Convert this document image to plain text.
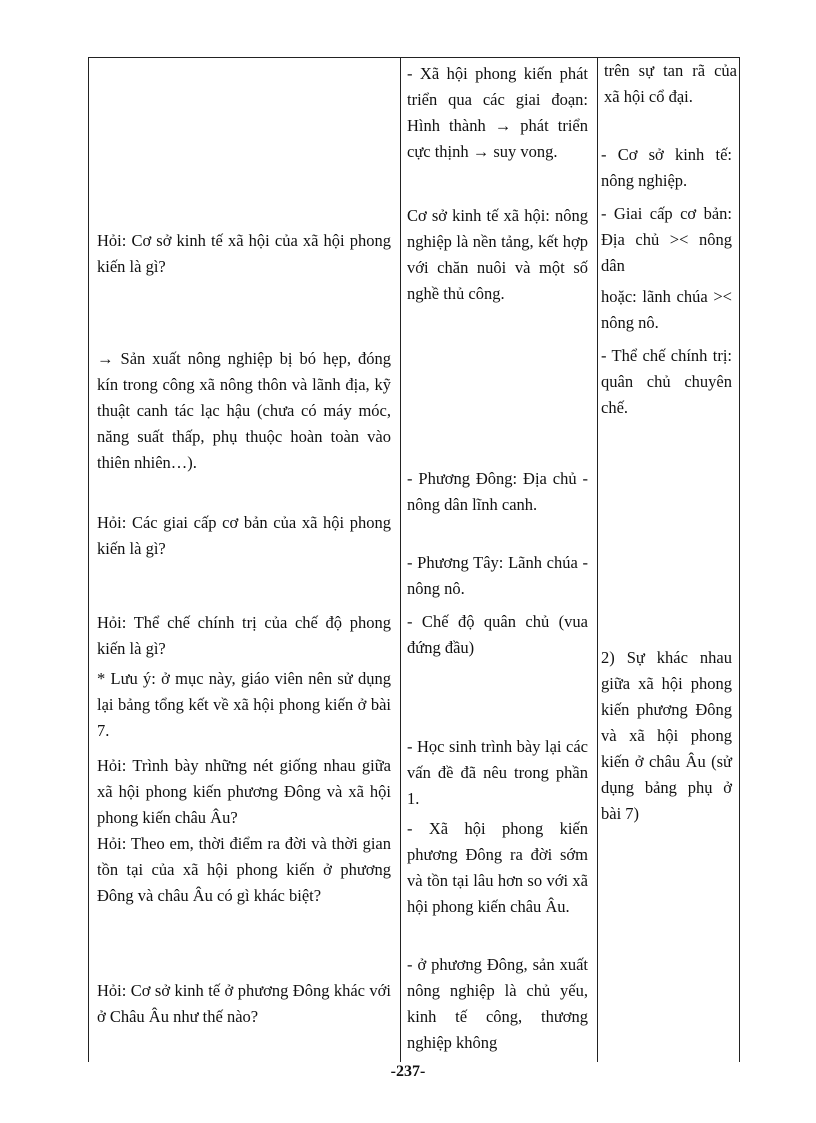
Hỏi: Cơ sở kinh tế xã hội của xã hội phong kiến là gì?

→ Sản xuất nông nghiệp bị bó hẹp, đóng kín trong công xã nông thôn và lãnh địa, kỹ thuật canh tác lạc hậu (chưa có máy móc, năng suất thấp, phụ thuộc hoàn toàn vào thiên nhiên…).

Hỏi: Các giai cấp cơ bản của xã hội phong kiến là gì?

Hỏi: Thể chế chính trị của chế độ phong kiến là gì?

* Lưu ý: ở mục này, giáo viên nên sử dụng lại bảng tổng kết về xã hội phong kiến ở bài 7.

Hỏi: Trình bày những nét giống nhau giữa xã hội phong kiến phương Đông và xã hội phong kiến châu Âu?

Hỏi: Theo em, thời điểm ra đời và thời gian tồn tại của xã hội phong kiến ở phương Đông và châu Âu có gì khác biệt?

Hỏi: Cơ sở kinh tế ở phương Đông khác với ở Châu Âu như thế nào?

- Xã hội phong kiến phát triển qua các giai đoạn: Hình thành → phát triển cực thịnh → suy vong.

Cơ sở kinh tế xã hội: nông nghiệp là nền tảng, kết hợp với chăn nuôi và một số nghề thủ công.

- Phương Đông: Địa chủ - nông dân lĩnh canh.

- Phương Tây: Lãnh chúa - nông nô.

- Chế độ quân chủ (vua đứng đầu)

- Học sinh trình bày lại các vấn đề đã nêu trong phần 1.

- Xã hội phong kiến phương Đông ra đời sớm và tồn tại lâu hơn so với xã hội phong kiến châu Âu.

- ở phương Đông, sản xuất nông nghiệp là chủ yếu, kinh tế công, thương nghiệp không

trên sự tan rã của xã hội cổ đại.

-237-

- Cơ sở kinh tế: nông nghiệp.

- Giai cấp cơ bản: Địa chủ >< nông dân

hoặc: lãnh chúa >< nông nô.

- Thể chế chính trị: quân chủ chuyên chế.

2) Sự khác nhau giữa xã hội phong kiến phương Đông và xã hội phong kiến ở châu Âu (sử dụng bảng phụ ở bài 7)
